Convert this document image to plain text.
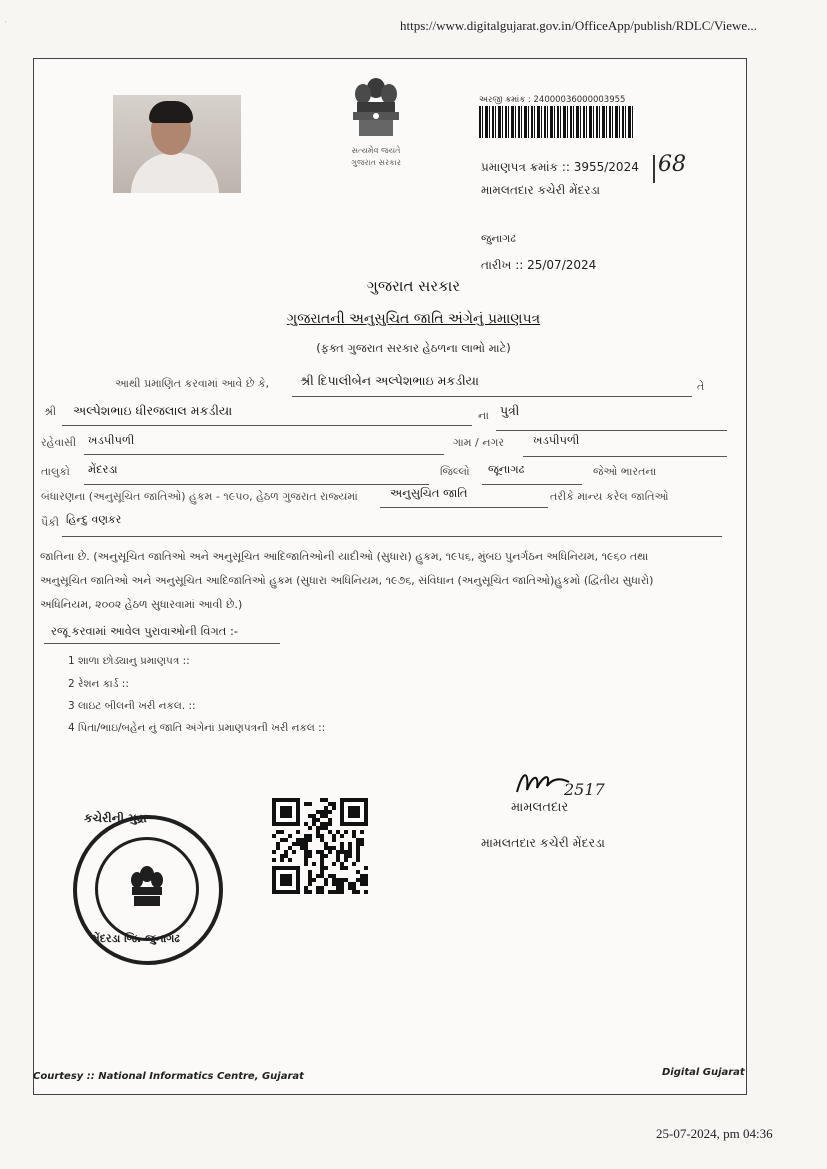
·	https://www.digitalgujarat.gov.in/OfficeApp/publish/RDLC/Viewe...
સત્યમેવ જયતે
ગુજરાત સરકાર
અરજી ક્રમાંક : 24000036000003955
પ્રમાણપત્ર ક્રમાંક :: 3955/2024 68
મામલતદાર કચેરી મેંદરડા
જુનાગઢ
તારીખ :: 25/07/2024
ગુજરાત સરકાર
ગુજરાતની અનુસુચિત જાતિ અંગેનું પ્રમાણપત્ર
(ફક્ત ગુજરાત સરકાર હેઠળના લાભો માટે)
આથી પ્રમાણિત કરવામાં આવે છે કે, શ્રી દિપાલીબેન અલ્પેશભાઇ મકડીયા	તે
શ્રી અલ્પેશભાઇ ધીરજલાલ મકડીયા	ના પુત્રી
રહેવાસી ખડપીપળી	ગામ / નગર	ખડપીપળી
તાલુકો મેંદરડા	જિલ્લો જૂનાગઢ	જેઓ ભારતના
બંધારણના (અનુસૂચિત જાતિઓ) હુકમ - ૧૯૫૦, હેઠળ ગુજરાત રાજ્યમાં	અનુસુચિત જાતિ	તરીકે માન્ય કરેલ જાતિઓ
પૈકી હિન્દુ વણકર
જાતિના છે. (અનુસૂચિત જાતિઓ અને અનુસૂચિત આદિજાતિઓની યાદીઓ (સુધારા) હુકમ, ૧૯૫૬, મુંબઇ પુનર્ગઠન અધિનિયમ, ૧૯૬૦ તથા
અનુસૂચિત જાતિઓ અને અનુસૂચિત આદિજાતિઓ હુકમ (સુધારા અધિનિયમ, ૧૯૭૬, સંવિધાન (અનુસૂચિત જાતિઓ)હુકમો (દ્વિતીય સુધારો)
અધિનિયમ, ૨૦૦૨ હેઠળ સુધારવામાં આવી છે.)
રજૂ કરવામાં આવેલ પુરાવાઓની વિગત :-
1 શાળા છોડ્યાનુ પ્રમાણપત્ર ::
2 રેશન કાર્ડ ::
3 લાઇટ બીલની ખરી નકલ. ::
4 પિતા/ભાઇ/બહેન નું જાતિ અંગેનાં પ્રમાણપત્રની ખરી નકલ ::
2517
મામલતદાર
મામલતદાર કચેરી મેંદરડા
કચેરીની મુદ્રા
મેંદરડા જિ. જુનાગઢ
Courtesy :: National Informatics Centre, Gujarat	Digital Gujarat
25-07-2024, pm 04:36
